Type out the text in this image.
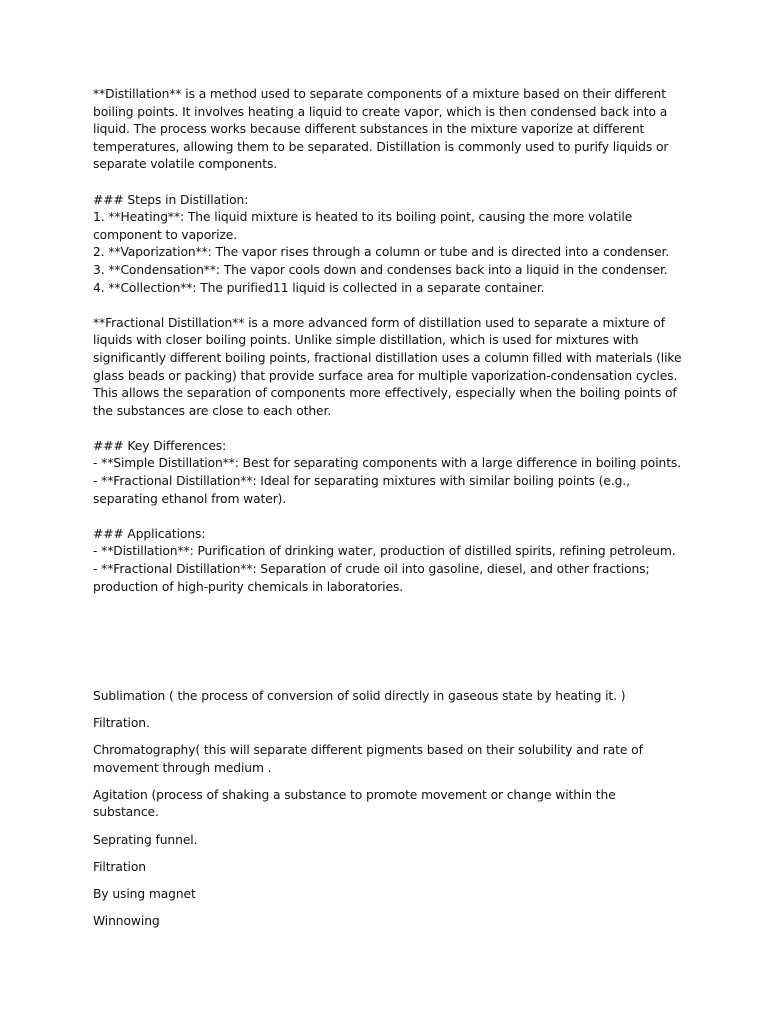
**Distillation** is a method used to separate components of a mixture based on their different boiling points. It involves heating a liquid to create vapor, which is then condensed back into a liquid. The process works because different substances in the mixture vaporize at different temperatures, allowing them to be separated. Distillation is commonly used to purify liquids or separate volatile components.

### Steps in Distillation:

1. **Heating**: The liquid mixture is heated to its boiling point, causing the more volatile component to vaporize.

2. **Vaporization**: The vapor rises through a column or tube and is directed into a condenser.

3. **Condensation**: The vapor cools down and condenses back into a liquid in the condenser.

4. **Collection**: The purified11 liquid is collected in a separate container.

**Fractional Distillation** is a more advanced form of distillation used to separate a mixture of liquids with closer boiling points. Unlike simple distillation, which is used for mixtures with significantly different boiling points, fractional distillation uses a column filled with materials (like glass beads or packing) that provide surface area for multiple vaporization-condensation cycles. This allows the separation of components more effectively, especially when the boiling points of the substances are close to each other.

### Key Differences:

- **Simple Distillation**: Best for separating components with a large difference in boiling points.

- **Fractional Distillation**: Ideal for separating mixtures with similar boiling points (e.g., separating ethanol from water).

### Applications:

- **Distillation**: Purification of drinking water, production of distilled spirits, refining petroleum.

- **Fractional Distillation**: Separation of crude oil into gasoline, diesel, and other fractions; production of high-purity chemicals in laboratories.

Sublimation ( the process of conversion of solid directly in gaseous state by heating it. )

Filtration.

Chromatography( this will separate different pigments based on their solubility and rate of movement through medium .

Agitation (process of shaking a substance to promote movement or change within the substance.

Seprating funnel.

Filtration

By using magnet

Winnowing
